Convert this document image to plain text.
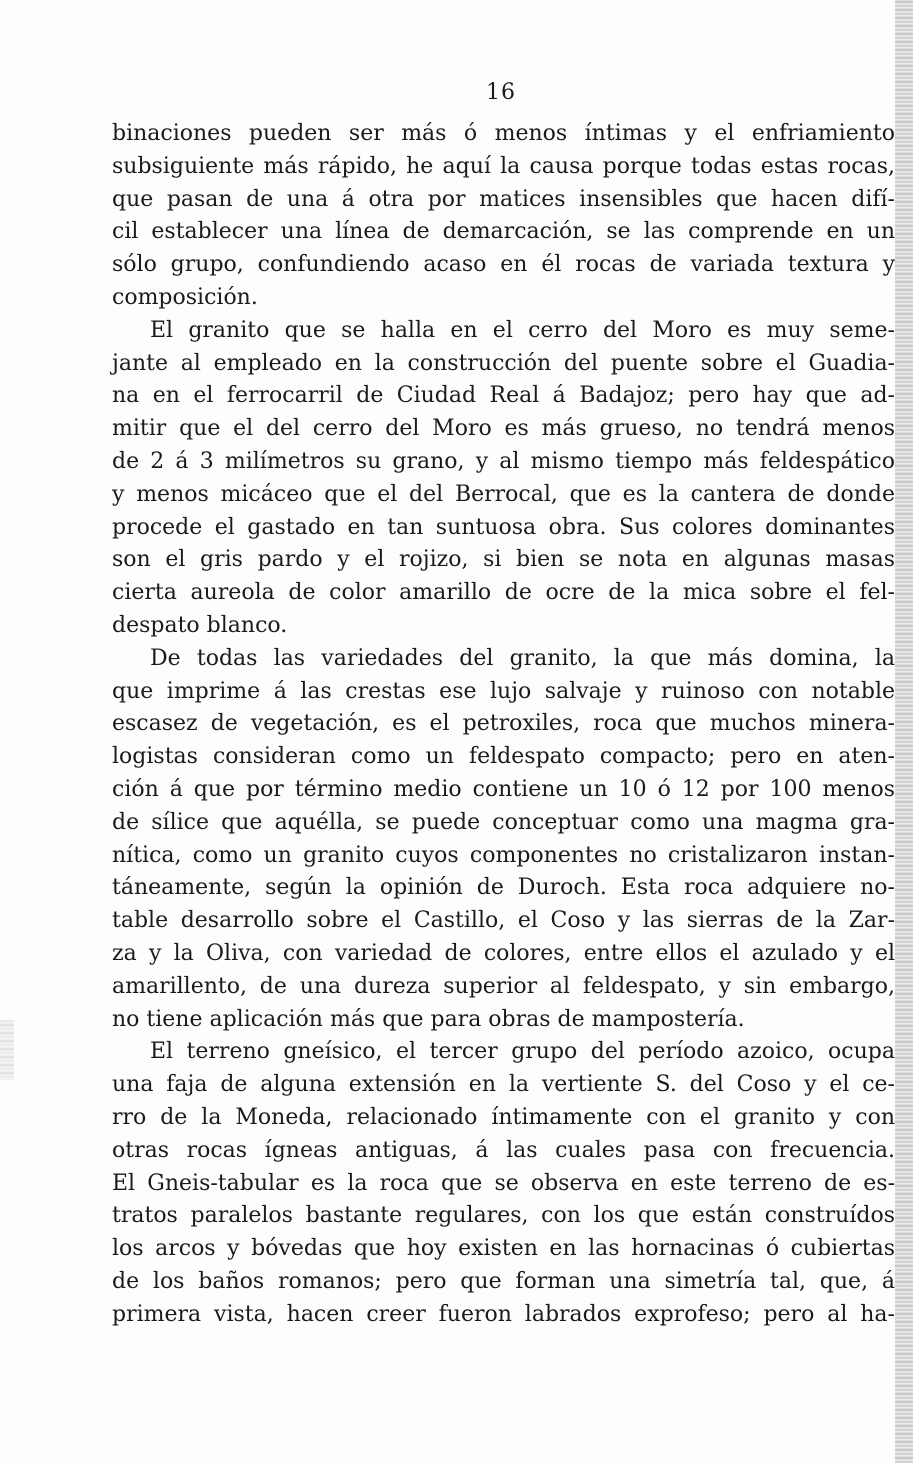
16
binaciones pueden ser más ó menos íntimas y el enfriamiento
subsiguiente más rápido, he aquí la causa porque todas estas rocas,
que pasan de una á otra por matices insensibles que hacen difí-
cil establecer una línea de demarcación, se las comprende en un
sólo grupo, confundiendo acaso en él rocas de variada textura y
composición.
El granito que se halla en el cerro del Moro es muy seme-
jante al empleado en la construcción del puente sobre el Guadia-
na en el ferrocarril de Ciudad Real á Badajoz; pero hay que ad-
mitir que el del cerro del Moro es más grueso, no tendrá menos
de 2 á 3 milímetros su grano, y al mismo tiempo más feldespático
y menos micáceo que el del Berrocal, que es la cantera de donde
procede el gastado en tan suntuosa obra. Sus colores dominantes
son el gris pardo y el rojizo, si bien se nota en algunas masas
cierta aureola de color amarillo de ocre de la mica sobre el fel-
despato blanco.
De todas las variedades del granito, la que más domina, la
que imprime á las crestas ese lujo salvaje y ruinoso con notable
escasez de vegetación, es el petroxiles, roca que muchos minera-
logistas consideran como un feldespato compacto; pero en aten-
ción á que por término medio contiene un 10 ó 12 por 100 menos
de sílice que aquélla, se puede conceptuar como una magma gra-
nítica, como un granito cuyos componentes no cristalizaron instan-
táneamente, según la opinión de Duroch. Esta roca adquiere no-
table desarrollo sobre el Castillo, el Coso y las sierras de la Zar-
za y la Oliva, con variedad de colores, entre ellos el azulado y el
amarillento, de una dureza superior al feldespato, y sin embargo,
no tiene aplicación más que para obras de mampostería.
El terreno gneísico, el tercer grupo del período azoico, ocupa
una faja de alguna extensión en la vertiente S. del Coso y el ce-
rro de la Moneda, relacionado íntimamente con el granito y con
otras rocas ígneas antiguas, á las cuales pasa con frecuencia.
El Gneis-tabular es la roca que se observa en este terreno de es-
tratos paralelos bastante regulares, con los que están construídos
los arcos y bóvedas que hoy existen en las hornacinas ó cubiertas
de los baños romanos; pero que forman una simetría tal, que, á
primera vista, hacen creer fueron labrados exprofeso; pero al ha-
